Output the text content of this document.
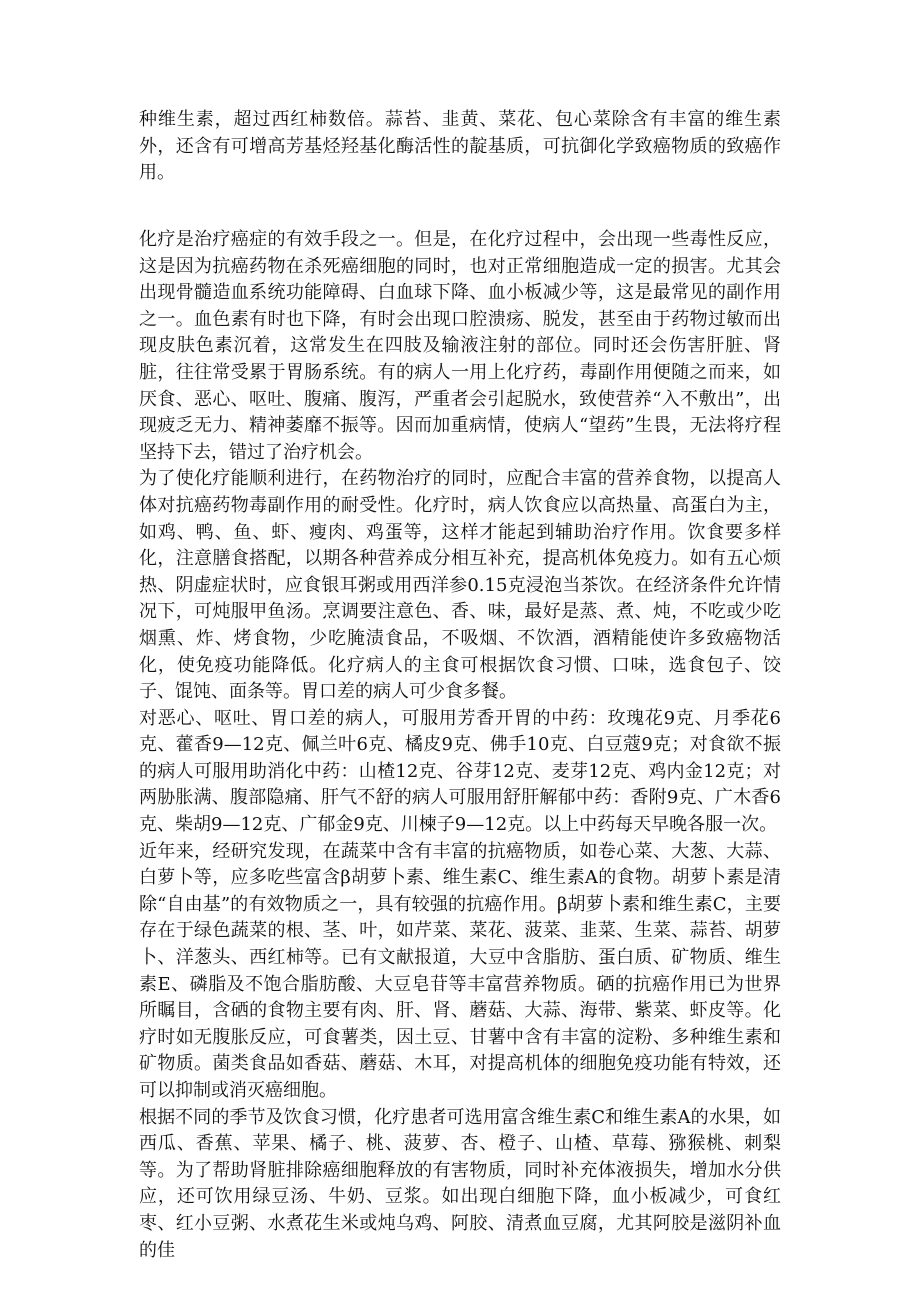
种维生素，超过西红柿数倍。蒜苔、韭黄、菜花、包心菜除含有丰富的维生素外，还含有可增高芳基烃羟基化酶活性的靛基质，可抗御化学致癌物质的致癌作用。

化疗是治疗癌症的有效手段之一。但是，在化疗过程中，会出现一些毒性反应，这是因为抗癌药物在杀死癌细胞的同时，也对正常细胞造成一定的损害。尤其会出现骨髓造血系统功能障碍、白血球下降、血小板减少等，这是最常见的副作用之一。血色素有时也下降，有时会出现口腔溃疡、脱发，甚至由于药物过敏而出现皮肤色素沉着，这常发生在四肢及输液注射的部位。同时还会伤害肝脏、肾脏，往往常受累于胃肠系统。有的病人一用上化疗药，毒副作用便随之而来，如厌食、恶心、呕吐、腹痛、腹泻，严重者会引起脱水，致使营养“入不敷出”，出现疲乏无力、精神萎靡不振等。因而加重病情，使病人“望药”生畏，无法将疗程坚持下去，错过了治疗机会。

为了使化疗能顺利进行，在药物治疗的同时，应配合丰富的营养食物，以提高人体对抗癌药物毒副作用的耐受性。化疗时，病人饮食应以高热量、高蛋白为主，如鸡、鸭、鱼、虾、瘦肉、鸡蛋等，这样才能起到辅助治疗作用。饮食要多样化，注意膳食搭配，以期各种营养成分相互补充，提高机体免疫力。如有五心烦热、阴虚症状时，应食银耳粥或用西洋参0.15克浸泡当茶饮。在经济条件允许情况下，可炖服甲鱼汤。烹调要注意色、香、味，最好是蒸、煮、炖，不吃或少吃烟熏、炸、烤食物，少吃腌渍食品，不吸烟、不饮酒，酒精能使许多致癌物活化，使免疫功能降低。化疗病人的主食可根据饮食习惯、口味，选食包子、饺子、馄饨、面条等。胃口差的病人可少食多餐。

对恶心、呕吐、胃口差的病人，可服用芳香开胃的中药：玫瑰花9克、月季花6克、藿香9—12克、佩兰叶6克、橘皮9克、佛手10克、白豆蔻9克；对食欲不振的病人可服用助消化中药：山楂12克、谷芽12克、麦芽12克、鸡内金12克；对两胁胀满、腹部隐痛、肝气不舒的病人可服用舒肝解郁中药：香附9克、广木香6克、柴胡9—12克、广郁金9克、川楝子9—12克。以上中药每天早晚各服一次。

近年来，经研究发现，在蔬菜中含有丰富的抗癌物质，如卷心菜、大葱、大蒜、白萝卜等，应多吃些富含β胡萝卜素、维生素C、维生素A的食物。胡萝卜素是清除“自由基”的有效物质之一，具有较强的抗癌作用。β胡萝卜素和维生素C，主要存在于绿色蔬菜的根、茎、叶，如芹菜、菜花、菠菜、韭菜、生菜、蒜苔、胡萝卜、洋葱头、西红柿等。已有文献报道，大豆中含脂肪、蛋白质、矿物质、维生素E、磷脂及不饱合脂肪酸、大豆皂苷等丰富营养物质。硒的抗癌作用已为世界所瞩目，含硒的食物主要有肉、肝、肾、蘑菇、大蒜、海带、紫菜、虾皮等。化疗时如无腹胀反应，可食薯类，因土豆、甘薯中含有丰富的淀粉、多种维生素和矿物质。菌类食品如香菇、蘑菇、木耳，对提高机体的细胞免疫功能有特效，还可以抑制或消灭癌细胞。

根据不同的季节及饮食习惯，化疗患者可选用富含维生素C和维生素A的水果，如西瓜、香蕉、苹果、橘子、桃、菠萝、杏、橙子、山楂、草莓、猕猴桃、刺梨等。为了帮助肾脏排除癌细胞释放的有害物质，同时补充体液损失，增加水分供应，还可饮用绿豆汤、牛奶、豆浆。如出现白细胞下降，血小板减少，可食红枣、红小豆粥、水煮花生米或炖乌鸡、阿胶、清煮血豆腐，尤其阿胶是滋阴补血的佳
